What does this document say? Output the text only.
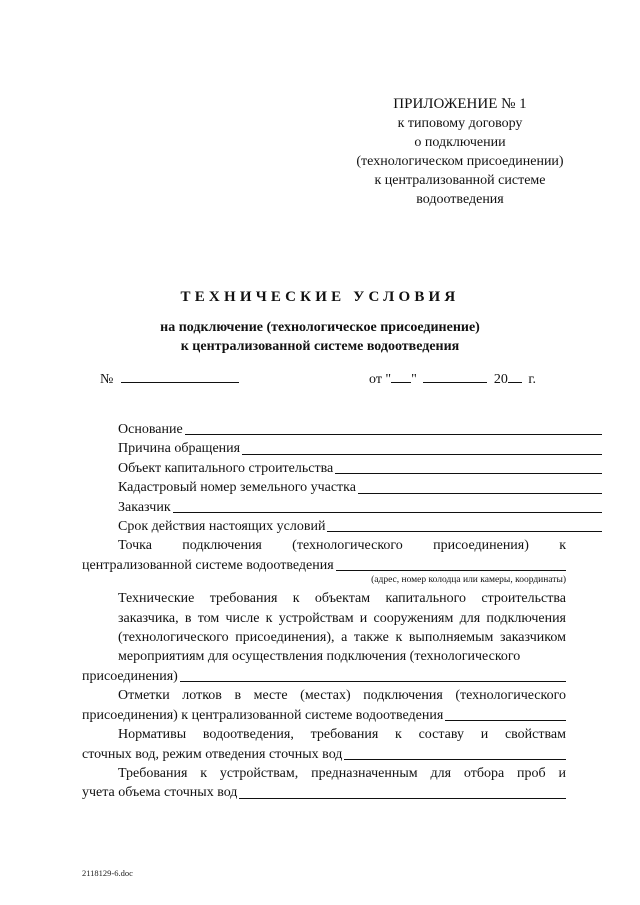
ПРИЛОЖЕНИЕ № 1
к типовому договору
о подключении
(технологическом присоединении)
к централизованной системе
водоотведения
ТЕХНИЧЕСКИЕ УСЛОВИЯ
на подключение (технологическое присоединение)
к централизованной системе водоотведения
№	от " "	20 г.
Основание
Причина обращения
Объект капитального строительства
Кадастровый номер земельного участка
Заказчик
Срок действия настоящих условий
Точка подключения (технологического присоединения) к
централизованной системе водоотведения
(адрес, номер колодца или камеры, координаты)
Технические требования к объектам капитального строительства заказчика, в том числе к устройствам и сооружениям для подключения (технологического присоединения), а также к выполняемым заказчиком мероприятиям для осуществления подключения (технологического
присоединения)
Отметки лотков в месте (местах) подключения (технологического
присоединения) к централизованной системе водоотведения
Нормативы водоотведения, требования к составу и свойствам
сточных вод, режим отведения сточных вод
Требования к устройствам, предназначенным для отбора проб и
учета объема сточных вод
2118129-6.doc
